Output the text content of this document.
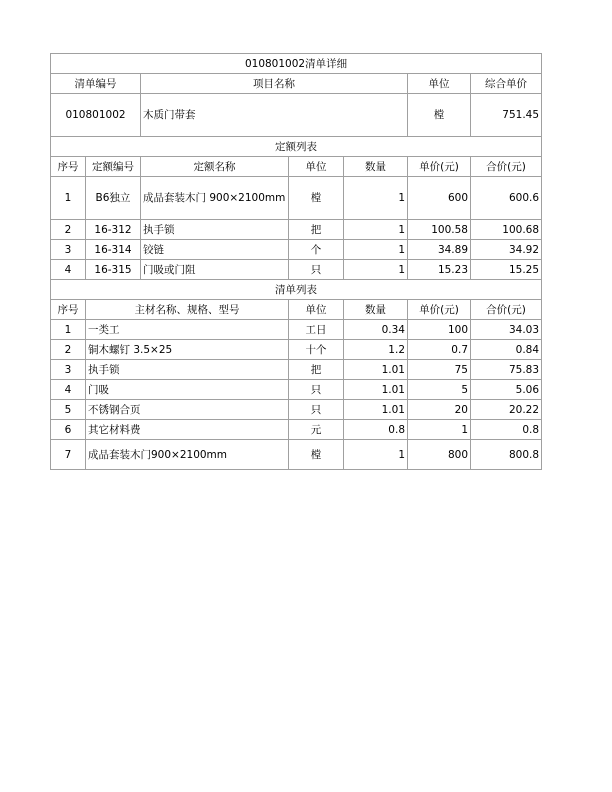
010801002清单详细						
清单编号		项目名称			单位	综合单价
010801002		木质门带套			樘	751.45
定额列表						
序号	定额编号	定额名称	单位	数量	单价(元)	合价(元)
1	B6独立	成品套装木门 900×2100mm	樘	1	600	600.6
2	16-312	执手锁	把	1	100.58	100.68
3	16-314	铰链	个	1	34.89	34.92
4	16-315	门吸或门阻	只	1	15.23	15.25
清单列表						
序号	主材名称、规格、型号		单位	数量	单价(元)	合价(元)
1	一类工		工日	0.34	100	34.03
2	铜木螺钉 3.5×25		十个	1.2	0.7	0.84
3	执手锁		把	1.01	75	75.83
4	门吸		只	1.01	5	5.06
5	不锈钢合页		只	1.01	20	20.22
6	其它材料费		元	0.8	1	0.8
7	成品套装木门900×2100mm		樘	1	800	800.8
